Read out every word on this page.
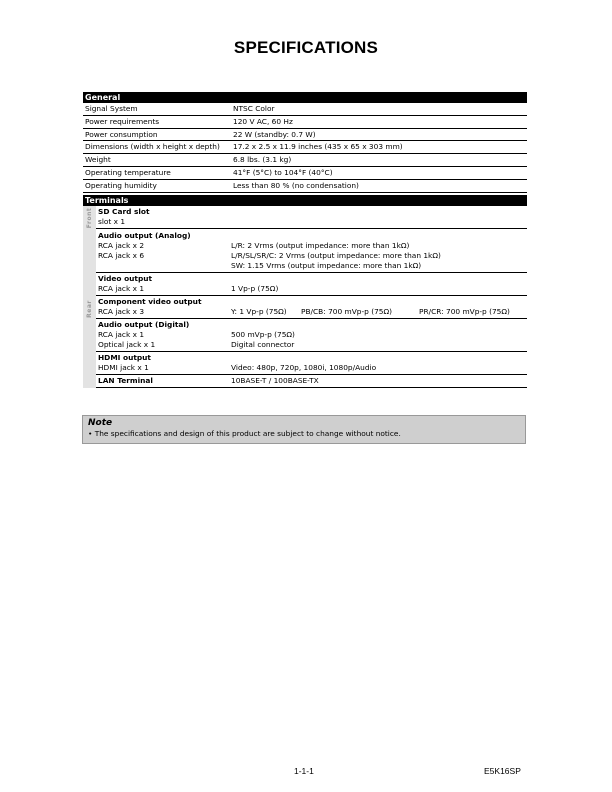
SPECIFICATIONS
General
Signal System	NTSC Color
Power requirements	120 V AC, 60 Hz
Power consumption	22 W (standby: 0.7 W)
Dimensions (width x height x depth)	17.2 x 2.5 x 11.9 inches (435 x 65 x 303 mm)
Weight	6.8 lbs. (3.1 kg)
Operating temperature	41°F (5°C) to 104°F (40°C)
Operating humidity	Less than 80 % (no condensation)
Terminals
Front SD Card slot
slot x 1
Rear
Audio output (Analog)
RCA jack x 2	L/R: 2 Vrms (output impedance: more than 1kΩ)
RCA jack x 6	L/R/SL/SR/C: 2 Vrms (output impedance: more than 1kΩ)
SW: 1.15 Vrms (output impedance: more than 1kΩ)
Video output
RCA jack x 1	1 Vp-p (75Ω)
Component video output
RCA jack x 3	Y: 1 Vp-p (75Ω)	PB/CB: 700 mVp-p (75Ω)	PR/CR: 700 mVp-p (75Ω)
Audio output (Digital)
RCA jack x 1	500 mVp-p (75Ω)
Optical jack x 1	Digital connector
HDMI output
HDMI jack x 1	Video: 480p, 720p, 1080i, 1080p/Audio
LAN Terminal	10BASE-T / 100BASE-TX
Note
• The specifications and design of this product are subject to change without notice.
1-1-1	E5K16SP
